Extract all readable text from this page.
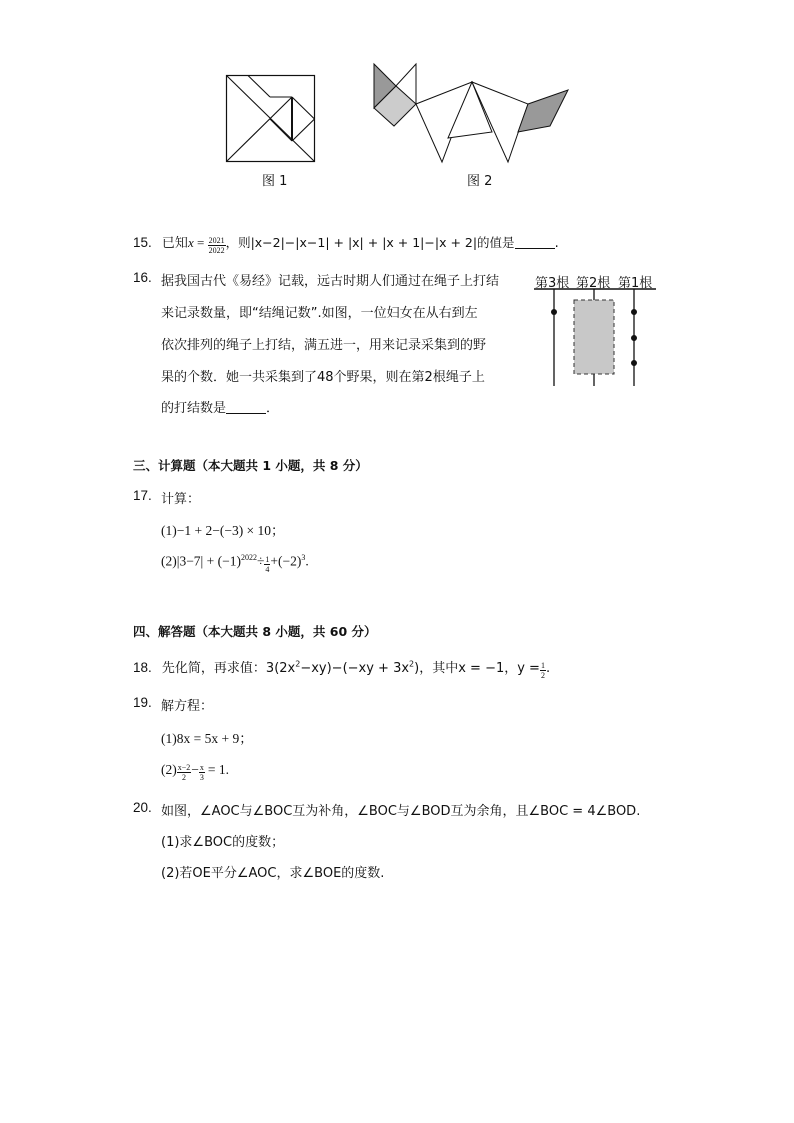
图 1	图 2
15. 已知$x = \frac{2021}{2022}$ ，则|x−2|−|x−1| + |x| + |x + 1|−|x + 2|的值是	.
16. 据我国古代《易经》记载，远古时期人们通过在绳子上打结
来记录数量，即“结绳记数”.如图，一位妇女在从右到左
依次排列的绳子上打结，满五进一，用来记录采集到的野
果的个数．她一共采集到了48个野果，则在第2根绳子上
的打结数是	．
第3根 第2根 第1根
三、计算题（本大题共 1 小题，共 8 分）
17. 计算：
(1)−1 + 2−(−3) × 10；
$(2)|3-7| + (-1)^{2022}\div \frac{1}{4} +(-2)^3$.
四、解答题（本大题共 8 小题，共 60 分）
18. 先化简，再求值：$3(2x^2-xy)-(-xy + 3x^2)$，其中x = −1，$y = \frac{1}{2}$ .
19. 解方程：
(1)8x = 5x + 9；
$(2) \frac{x-2}{2} - \frac{x}{3} = 1$.
20. 如图，∠AOC与∠BOC互为补角，∠BOC与∠BOD互为余角，且∠BOC = 4∠BOD.
(1)求∠BOC的度数；
(2)若OE平分∠AOC，求∠BOE的度数.
